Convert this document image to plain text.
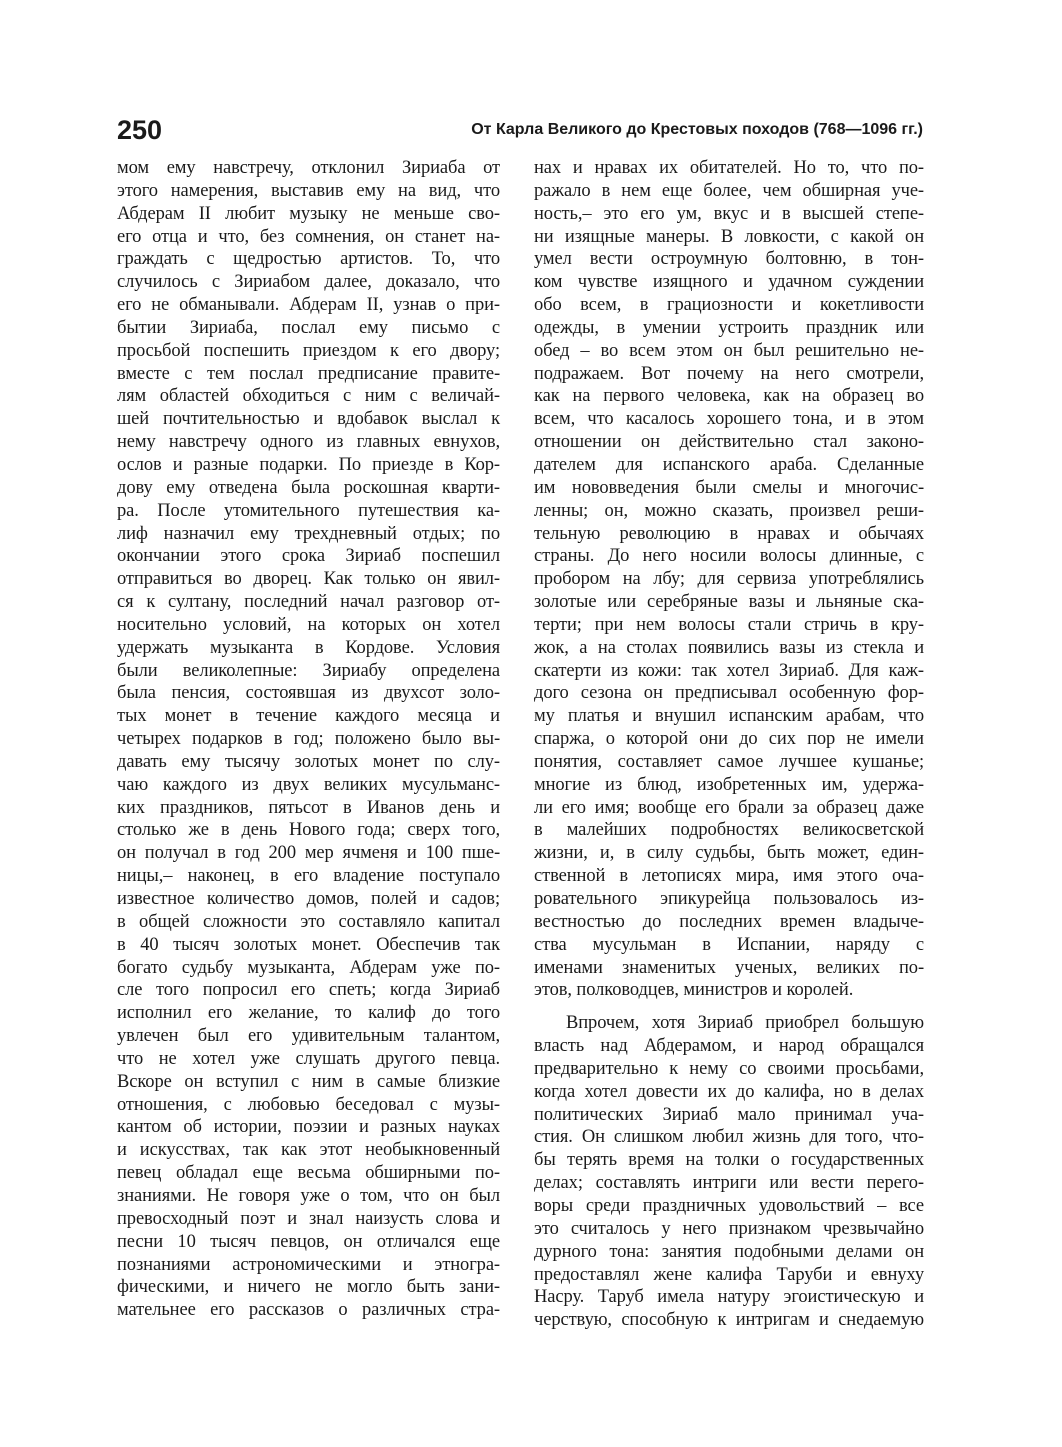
250	От Карла Великого до Крестовых походов (768—1096 гг.)
мом ему навстречу, отклонил Зириаба от
этого намерения, выставив ему на вид, что
Абдерам II любит музыку не меньше сво-
его отца и что, без сомнения, он станет на-
граждать с щедростью артистов. То, что
случилось с Зириабом далее, доказало, что
его не обманывали. Абдерам II, узнав о при-
бытии Зириаба, послал ему письмо с
просьбой поспешить приездом к его двору;
вместе с тем послал предписание правите-
лям областей обходиться с ним с величай-
шей почтительностью и вдобавок выслал к
нему навстречу одного из главных евнухов,
ослов и разные подарки. По приезде в Кор-
дову ему отведена была роскошная кварти-
ра. После утомительного путешествия ка-
лиф назначил ему трехдневный отдых; по
окончании этого срока Зириаб поспешил
отправиться во дворец. Как только он явил-
ся к султану, последний начал разговор от-
носительно условий, на которых он хотел
удержать музыканта в Кордове. Условия
были великолепные: Зириабу определена
была пенсия, состоявшая из двухсот золо-
тых монет в течение каждого месяца и
четырех подарков в год; положено было вы-
давать ему тысячу золотых монет по слу-
чаю каждого из двух великих мусульманс-
ких праздников, пятьсот в Иванов день и
столько же в день Нового года; сверх того,
он получал в год 200 мер ячменя и 100 пше-
ницы,– наконец, в его владение поступало
известное количество домов, полей и садов;
в общей сложности это составляло капитал
в 40 тысяч золотых монет. Обеспечив так
богато судьбу музыканта, Абдерам уже по-
сле того попросил его спеть; когда Зириаб
исполнил его желание, то калиф до того
увлечен был его удивительным талантом,
что не хотел уже слушать другого певца.
Вскоре он вступил с ним в самые близкие
отношения, с любовью беседовал с музы-
кантом об истории, поэзии и разных науках
и искусствах, так как этот необыкновенный
певец обладал еще весьма обширными по-
знаниями. Не говоря уже о том, что он был
превосходный поэт и знал наизусть слова и
песни 10 тысяч певцов, он отличался еще
познаниями астрономическими и этногра-
фическими, и ничего не могло быть зани-
мательнее его рассказов о различных стра-
нах и нравах их обитателей. Но то, что по-
ражало в нем еще более, чем обширная уче-
ность,– это его ум, вкус и в высшей степе-
ни изящные манеры. В ловкости, с какой он
умел вести остроумную болтовню, в тон-
ком чувстве изящного и удачном суждении
обо всем, в грациозности и кокетливости
одежды, в умении устроить праздник или
обед – во всем этом он был решительно не-
подражаем. Вот почему на него смотрели,
как на первого человека, как на образец во
всем, что касалось хорошего тона, и в этом
отношении он действительно стал законо-
дателем для испанского араба. Сделанные
им нововведения были смелы и многочис-
ленны; он, можно сказать, произвел реши-
тельную революцию в нравах и обычаях
страны. До него носили волосы длинные, с
пробором на лбу; для сервиза употреблялись
золотые или серебряные вазы и льняные ска-
терти; при нем волосы стали стричь в кру-
жок, а на столах появились вазы из стекла и
скатерти из кожи: так хотел Зириаб. Для каж-
дого сезона он предписывал особенную фор-
му платья и внушил испанским арабам, что
спаржа, о которой они до сих пор не имели
понятия, составляет самое лучшее кушанье;
многие из блюд, изобретенных им, удержа-
ли его имя; вообще его брали за образец даже
в малейших подробностях великосветской
жизни, и, в силу судьбы, быть может, един-
ственной в летописях мира, имя этого оча-
ровательного эпикурейца пользовалось из-
вестностью до последних времен владыче-
ства мусульман в Испании, наряду с
именами знаменитых ученых, великих по-
этов, полководцев, министров и королей.
Впрочем, хотя Зириаб приобрел большую
власть над Абдерамом, и народ обращался
предварительно к нему со своими просьбами,
когда хотел довести их до калифа, но в делах
политических Зириаб мало принимал уча-
стия. Он слишком любил жизнь для того, что-
бы терять время на толки о государственных
делах; составлять интриги или вести перего-
воры среди праздничных удовольствий – все
это считалось у него признаком чрезвычайно
дурного тона: занятия подобными делами он
предоставлял жене калифа Таруби и евнуху
Насру. Таруб имела натуру эгоистическую и
черствую, способную к интригам и снедаемую
